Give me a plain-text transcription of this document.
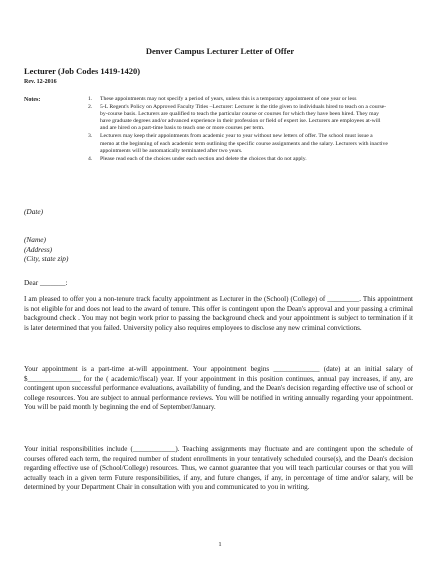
Denver Campus Lecturer Letter of Offer
Lecturer (Job Codes 1419-1420)
Rev. 12-2016
Notes:	1.	These appointments may not specify a period of years, unless this is a temporary appointment of one year or less
2.	5-L Regent's Policy on Approved Faculty Titles –Lecturer: Lecturer is the title given to individuals hired to teach on a course-by-course basis. Lecturers are qualified to teach the particular course or courses for which they have been hired. They may have graduate degrees and/or advanced experience in their profession or field of expert ise. Lecturers are employees at-will and are hired on a part-time basis to teach one or more courses per term.
3.	Lecturers may keep their appointments from academic year to year without new letters of offer. The school must issue a memo at the beginning of each academic term outlining the specific course assignments and the salary. Lecturers with inactive appointments will be automatically terminated after two years.
4.	Please read each of the choices under each section and delete the choices that do not apply.
(Date)
(Name)
(Address)
(City, state zip)
Dear _______:
I am pleased to offer you a non-tenure track faculty appointment as Lecturer in the (School) (College) of _________. This appointment is not eligible for and does not lead to the award of tenure. This offer is contingent upon the Dean's approval and your passing a criminal background check . You may not begin work prior to passing the background check and your appointment is subject to termination if it is later determined that you failed. University policy also requires employees to disclose any new criminal convictions.
Your appointment is a part-time at-will appointment. Your appointment begins _____________ (date) at an initial salary of $_______________ for the ( academic/fiscal) year. If your appointment in this position continues, annual pay increases, if any, are contingent upon successful performance evaluations, availability of funding, and the Dean's decision regarding effective use of school or college resources. You are subject to annual performance reviews. You will be notified in writing annually regarding your appointment. You will be paid month ly beginning the end of September/January.
Your initial responsibilities include (____________). Teaching assignments may fluctuate and are contingent upon the schedule of courses offered each term, the required number of student enrollments in your tentatively scheduled course(s), and the Dean's decision regarding effective use of (School/College) resources. Thus, we cannot guarantee that you will teach particular courses or that you will actually teach in a given term Future responsibilities, if any, and future changes, if any, in percentage of time and/or salary, will be determined by your Department Chair in consultation with you and communicated to you in writing.
1
